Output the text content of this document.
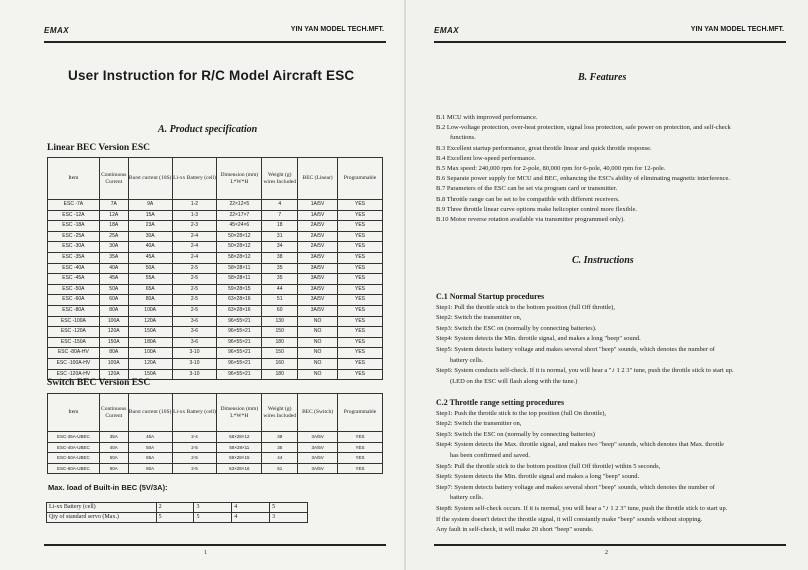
EMAX	YIN YAN MODEL TECH.MFT.
User Instruction for R/C Model Aircraft ESC
A. Product specification
Linear BEC Version ESC
Item	Continuous Current	Burst current (10S)	Li-xx Battery (cell)	Dimension (mm) L*W*H	Weight (g) wires Included	BEC (Linear)	Programmable
ESC -7A	7A	9A	1-2	22×12×5	4	1A/5V	YES
ESC -12A	12A	15A	1-3	22×17×7	7	1A/5V	YES
ESC -18A	18A	23A	2-3	45×24×6	18	2A/5V	YES
ESC -25A	25A	30A	2-4	50×28×12	31	2A/5V	YES
ESC -30A	30A	40A	2-4	50×28×12	34	2A/5V	YES
ESC -35A	35A	45A	2-4	58×28×12	38	3A/5V	YES
ESC -40A	40A	50A	2-5	58×28×11	35	3A/5V	YES
ESC -45A	45A	55A	2-5	58×28×11	35	3A/5V	YES
ESC -50A	50A	65A	2-5	59×28×15	44	3A/5V	YES
ESC -60A	60A	80A	2-5	63×28×16	51	3A/5V	YES
ESC -80A	80A	100A	2-5	63×28×16	60	3A/5V	YES
ESC -100A	100A	120A	3-6	96×55×21	130	NO	YES
ESC -120A	120A	150A	3-6	96×55×21	150	NO	YES
ESC -150A	150A	180A	3-6	96×55×21	180	NO	YES
ESC -80A-HV	80A	100A	3-10	96×55×21	150	NO	YES
ESC -100A-HV	100A	120A	3-10	96×55×21	160	NO	YES
ESC -120A-HV	120A	150A	3-10	96×55×21	180	NO	YES
Switch BEC Version ESC
Item	Continuous Current	Burst current (10S)	Li-xx Battery (cell)	Dimension (mm) L*W*H	Weight (g) wires Included	BEC (Switch)	Programmable
ESC-35A-UBEC	35A	45A	2-4	58×28×12	38	3A/5V	YES
ESC-40A-UBEC	40A	50A	2-5	58×28×11	35	3A/5V	YES
ESC-50A-UBEC	50A	65A	2-5	59×28×15	44	3A/5V	YES
ESC-60A-UBEC	60A	80A	2-5	63×28×16	51	3A/5V	YES
Max. load of Built-in BEC (5V/3A):
Li-xx Battery (cell)	2	3	4	5
Qty of standard servo (Max.)	5	5	4	3
1
EMAX	YIN YAN MODEL TECH.MFT.
B. Features
B.1 MCU with improved performance.
B.2 Low-voltage protection, over-heat protection, signal loss protection, safe power on protection, and self-check
functions.
B.3 Excellent startup performance, great throttle linear and quick throttle response.
B.4 Excellent low-speed performance.
B.5 Max speed: 240,000 rpm for 2-pole, 80,000 rpm for 6-pole, 40,000 rpm for 12-pole.
B.6 Separate power supply for MCU and BEC, enhancing the ESC's ability of eliminating magnetic interference.
B.7 Parameters of the ESC can be set via program card or transmitter.
B.8 Throttle range can be set to be compatible with different receivers.
B.9 Three throttle linear curve options make helicopter control more flexible.
B.10 Motor reverse rotation available via transmitter programmed only).
C. Instructions
C.1 Normal Startup procedures
Step1: Pull the throttle stick to the bottom position (full Off throttle),
Step2: Switch the transmitter on,
Step3: Switch the ESC on (normally by connecting batteries).
Step4: System detects the Min. throttle signal, and makes a long "beep" sound.
Step5: System detects battery voltage and makes several short "beep" sounds, which denotes the number of
battery cells.
Step6: System conducts self-check. If it is normal, you will hear a "♪ 1 2 3" tune, push the throttle stick to start up.
(LED on the ESC will flash along with the tune.)
C.2 Throttle range setting procedures
Step1: Push the throttle stick to the top position (full On throttle),
Step2: Switch the transmitter on,
Step3: Switch the ESC on (normally by connecting batteries)
Step4: System detects the Max. throttle signal, and makes two "beep" sounds, which denotes that Max. throttle
has been confirmed and saved.
Step5: Pull the throttle stick to the bottom position (full Off throttle) within 5 seconds,
Step6: System detects the Min. throttle signal and makes a long "beep" sound.
Step7: System detects battery voltage and makes several short "beep" sounds, which denotes the number of
battery cells.
Step8: System self-check occurs. If it is normal, you will hear a "♪ 1 2 3" tune, push the throttle stick to start up.
If the system doesn't detect the throttle signal, it will constantly make "beep" sounds without stopping.
Any fault in self-check, it will make 20 short "beep" sounds.
2
